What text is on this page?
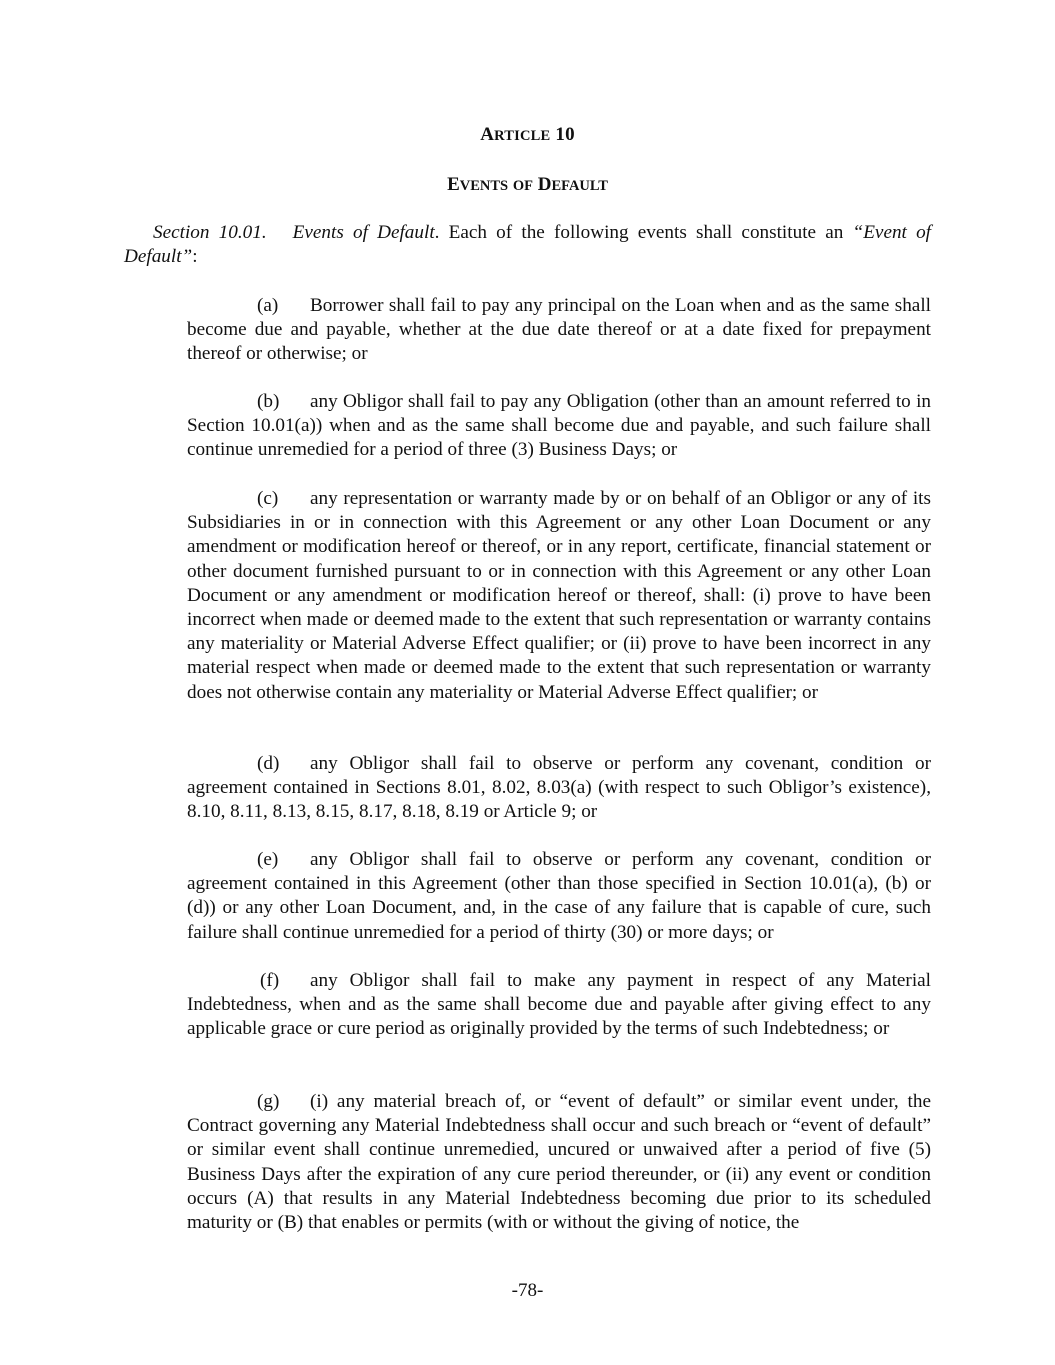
ARTICLE 10
EVENTS OF DEFAULT
Section 10.01. Events of Default. Each of the following events shall constitute an “Event of Default”:
(a) Borrower shall fail to pay any principal on the Loan when and as the same shall become due and payable, whether at the due date thereof or at a date fixed for prepayment thereof or otherwise; or
(b) any Obligor shall fail to pay any Obligation (other than an amount referred to in Section 10.01(a)) when and as the same shall become due and payable, and such failure shall continue unremedied for a period of three (3) Business Days; or
(c) any representation or warranty made by or on behalf of an Obligor or any of its Subsidiaries in or in connection with this Agreement or any other Loan Document or any amendment or modification hereof or thereof, or in any report, certificate, financial statement or other document furnished pursuant to or in connection with this Agreement or any other Loan Document or any amendment or modification hereof or thereof, shall: (i) prove to have been incorrect when made or deemed made to the extent that such representation or warranty contains any materiality or Material Adverse Effect qualifier; or (ii) prove to have been incorrect in any material respect when made or deemed made to the extent that such representation or warranty does not otherwise contain any materiality or Material Adverse Effect qualifier; or
(d) any Obligor shall fail to observe or perform any covenant, condition or agreement contained in Sections 8.01, 8.02, 8.03(a) (with respect to such Obligor’s existence), 8.10, 8.11, 8.13, 8.15, 8.17, 8.18, 8.19 or Article 9; or
(e) any Obligor shall fail to observe or perform any covenant, condition or agreement contained in this Agreement (other than those specified in Section 10.01(a), (b) or (d)) or any other Loan Document, and, in the case of any failure that is capable of cure, such failure shall continue unremedied for a period of thirty (30) or more days; or
(f) any Obligor shall fail to make any payment in respect of any Material Indebtedness, when and as the same shall become due and payable after giving effect to any applicable grace or cure period as originally provided by the terms of such Indebtedness; or
(g) (i) any material breach of, or “event of default” or similar event under, the Contract governing any Material Indebtedness shall occur and such breach or “event of default” or similar event shall continue unremedied, uncured or unwaived after a period of five (5) Business Days after the expiration of any cure period thereunder, or (ii) any event or condition occurs (A) that results in any Material Indebtedness becoming due prior to its scheduled maturity or (B) that enables or permits (with or without the giving of notice, the
-78-
